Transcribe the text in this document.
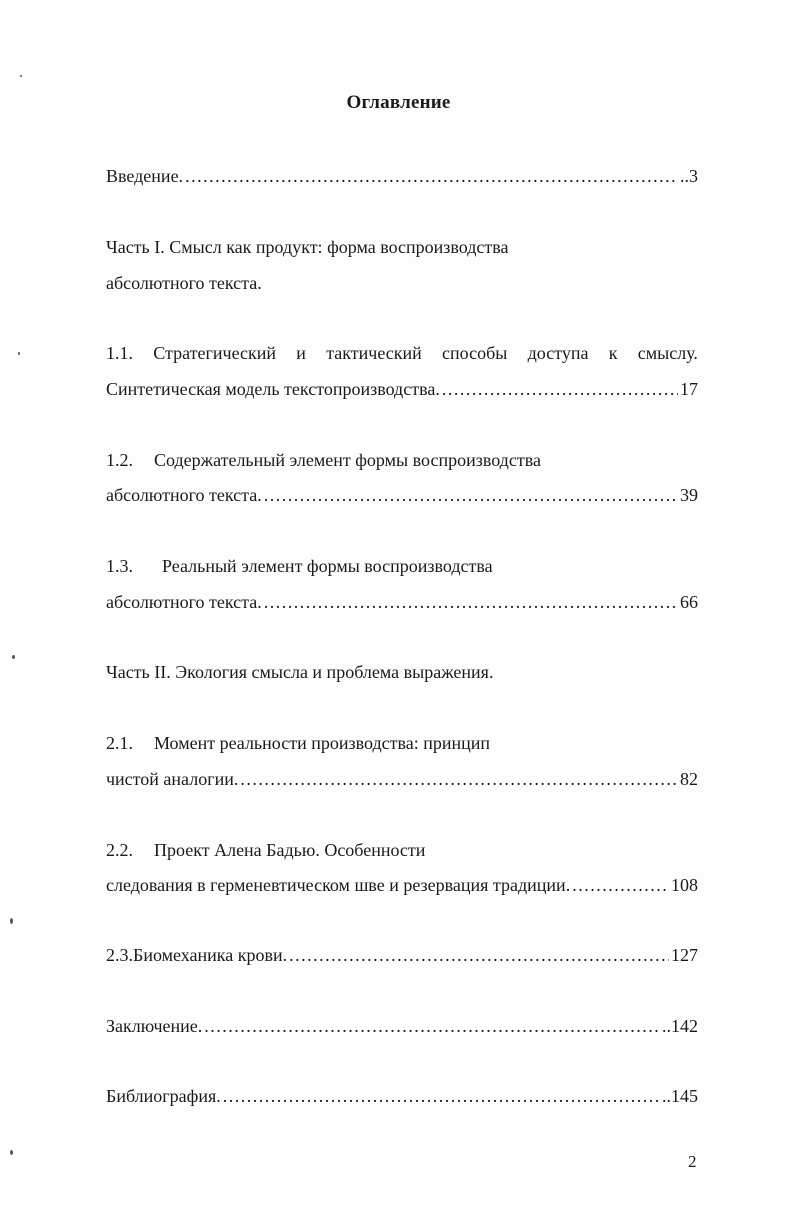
Оглавление
Введение. .....	..3
Часть I. Смысл как продукт: форма воспроизводства
абсолютного текста.
1.1. Стратегический и тактический способы доступа к смыслу.
Синтетическая модель текстопроизводства. .....	17
1.2. Содержательный элемент формы воспроизводства
абсолютного текста. .....	39
1.3. Реальный элемент формы воспроизводства
абсолютного текста. .....	66
Часть II. Экология смысла и проблема выражения.
2.1. Момент реальности производства: принцип
чистой аналогии. .....	82
2.2. Проект Алена Бадью. Особенности
следования в герменевтическом шве и резервация традиции. .....	108
2.3. Биомеханика крови. .....	127
Заключение. .....	..142
Библиография. .....	..145
2
